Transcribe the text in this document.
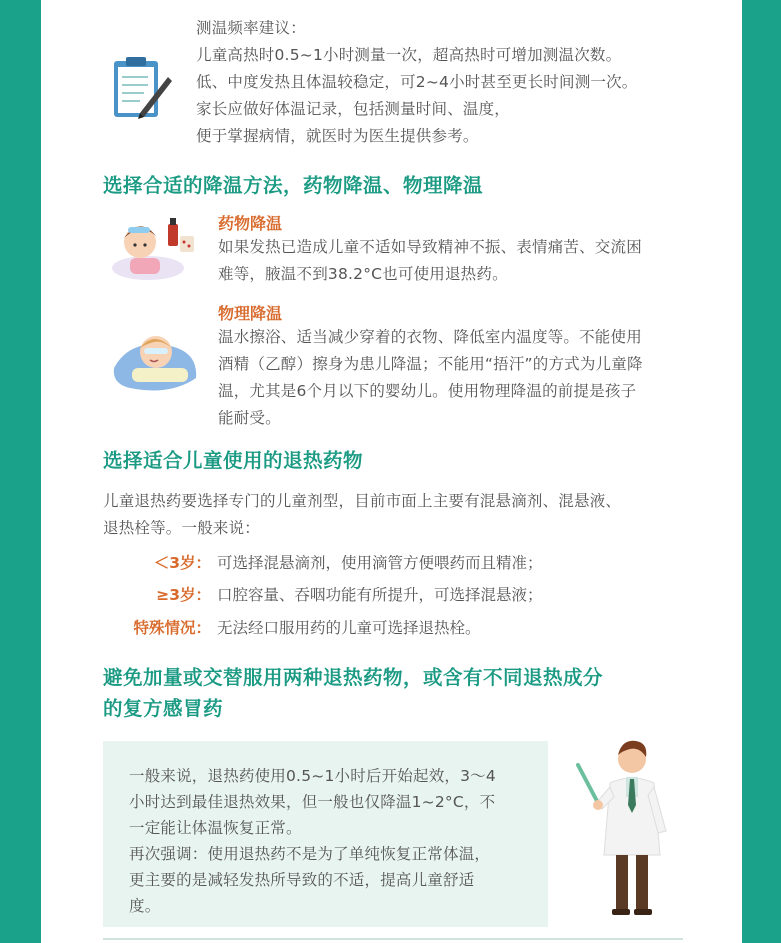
测温频率建议：
儿童高热时0.5~1小时测量一次，超高热时可增加测温次数。
低、中度发热且体温较稳定，可2~4小时甚至更长时间测一次。
家长应做好体温记录，包括测量时间、温度，
便于掌握病情，就医时为医生提供参考。
选择合适的降温方法，药物降温、物理降温
药物降温
如果发热已造成儿童不适如导致精神不振、表情痛苦、交流困
难等，腋温不到38.2°C也可使用退热药。
物理降温
温水擦浴、适当减少穿着的衣物、降低室内温度等。不能使用
酒精（乙醇）擦身为患儿降温；不能用“捂汗”的方式为儿童降
温，尤其是6个月以下的婴幼儿。使用物理降温的前提是孩子
能耐受。
选择适合儿童使用的退热药物
儿童退热药要选择专门的儿童剂型，目前市面上主要有混悬滴剂、混悬液、
退热栓等。一般来说：
＜3岁： 可选择混悬滴剂，使用滴管方便喂药而且精准；
≥3岁： 口腔容量、吞咽功能有所提升，可选择混悬液；
特殊情况： 无法经口服用药的儿童可选择退热栓。
避免加量或交替服用两种退热药物，或含有不同退热成分
的复方感冒药
一般来说，退热药使用0.5~1小时后开始起效，3～4
小时达到最佳退热效果，但一般也仅降温1~2°C，不
一定能让体温恢复正常。
再次强调：使用退热药不是为了单纯恢复正常体温，
更主要的是减轻发热所导致的不适，提高儿童舒适
度。
